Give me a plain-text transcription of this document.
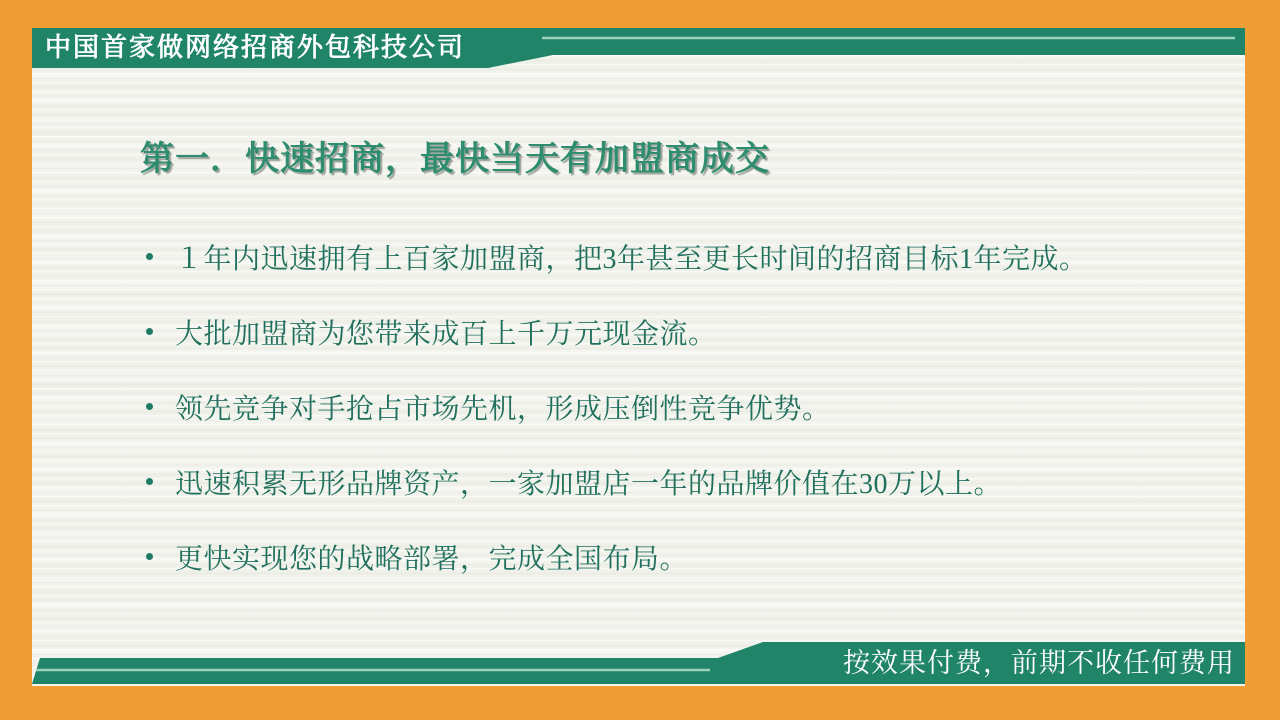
中国首家做网络招商外包科技公司
第一．快速招商，最快当天有加盟商成交
１年内迅速拥有上百家加盟商，把3年甚至更长时间的招商目标1年完成。
大批加盟商为您带来成百上千万元现金流。
领先竞争对手抢占市场先机，形成压倒性竞争优势。
迅速积累无形品牌资产，一家加盟店一年的品牌价值在30万以上。
更快实现您的战略部署，完成全国布局。
……	按效果付费，前期不收任何费用
